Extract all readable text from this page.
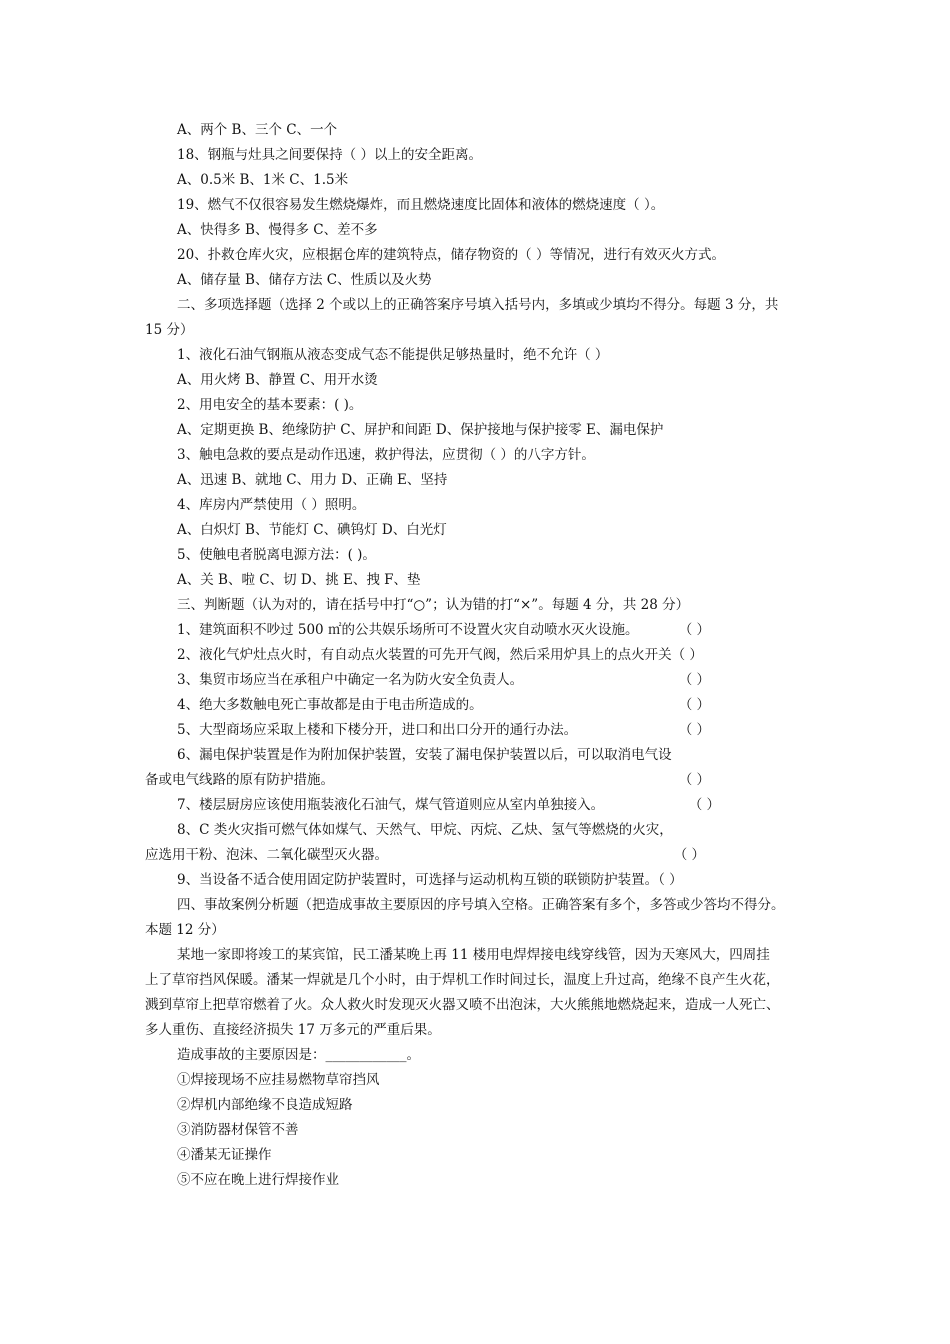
A、两个 B、三个 C、一个
18、钢瓶与灶具之间要保持（ ）以上的安全距离。
A、0.5米 B、1米 C、1.5米
19、燃气不仅很容易发生燃烧爆炸，而且燃烧速度比固体和液体的燃烧速度（ ）。
A、快得多 B、慢得多 C、差不多
20、扑救仓库火灾，应根据仓库的建筑特点，储存物资的（ ）等情况，进行有效灭火方式。
A、储存量 B、储存方法 C、性质以及火势
二、多项选择题（选择 2 个或以上的正确答案序号填入括号内，多填或少填均不得分。每题 3 分，共
15 分）
1、液化石油气钢瓶从液态变成气态不能提供足够热量时，绝不允许（ ）
A、用火烤 B、静置 C、用开水烫
2、用电安全的基本要素：( )。
A、定期更换 B、绝缘防护 C、屏护和间距 D、保护接地与保护接零 E、漏电保护
3、触电急救的要点是动作迅速，救护得法，应贯彻（ ）的八字方针。
A、迅速 B、就地 C、用力 D、正确 E、坚持
4、库房内严禁使用（ ）照明。
A、白炽灯 B、节能灯 C、碘钨灯 D、白光灯
5、使触电者脱离电源方法：( )。
A、关 B、啦 C、切 D、挑 E、拽 F、垫
三、判断题（认为对的，请在括号中打“○”；认为错的打“×”。每题 4 分，共 28 分）
1、建筑面积不吵过 500 ㎡的公共娱乐场所可不设置火灾自动喷水灭火设施。	（ ）
2、液化气炉灶点火时，有自动点火装置的可先开气阀，然后采用炉具上的点火开关（ ）
3、集贸市场应当在承租户中确定一名为防火安全负责人。	（ ）
4、绝大多数触电死亡事故都是由于电击所造成的。	（ ）
5、大型商场应采取上楼和下楼分开，进口和出口分开的通行办法。	（ ）
6、漏电保护装置是作为附加保护装置，安装了漏电保护装置以后，可以取消电气设
备或电气线路的原有防护措施。	（ ）
7、楼层厨房应该使用瓶装液化石油气，煤气管道则应从室内单独接入。	（ ）
8、C 类火灾指可燃气体如煤气、天然气、甲烷、丙烷、乙炔、氢气等燃烧的火灾，
应选用干粉、泡沫、二氧化碳型灭火器。	（ ）
9、当设备不适合使用固定防护装置时，可选择与运动机构互锁的联锁防护装置。（ ）
四、事故案例分析题（把造成事故主要原因的序号填入空格。正确答案有多个，多答或少答均不得分。
本题 12 分）
某地一家即将竣工的某宾馆，民工潘某晚上再 11 楼用电焊焊接电线穿线管，因为天寒风大，四周挂
上了草帘挡风保暖。潘某一焊就是几个小时，由于焊机工作时间过长，温度上升过高，绝缘不良产生火花，
溅到草帘上把草帘燃着了火。众人救火时发现灭火器又喷不出泡沫，大火熊熊地燃烧起来，造成一人死亡、
多人重伤、直接经济损失 17 万多元的严重后果。
造成事故的主要原因是：____________。
①焊接现场不应挂易燃物草帘挡风
②焊机内部绝缘不良造成短路
③消防器材保管不善
④潘某无证操作
⑤不应在晚上进行焊接作业
